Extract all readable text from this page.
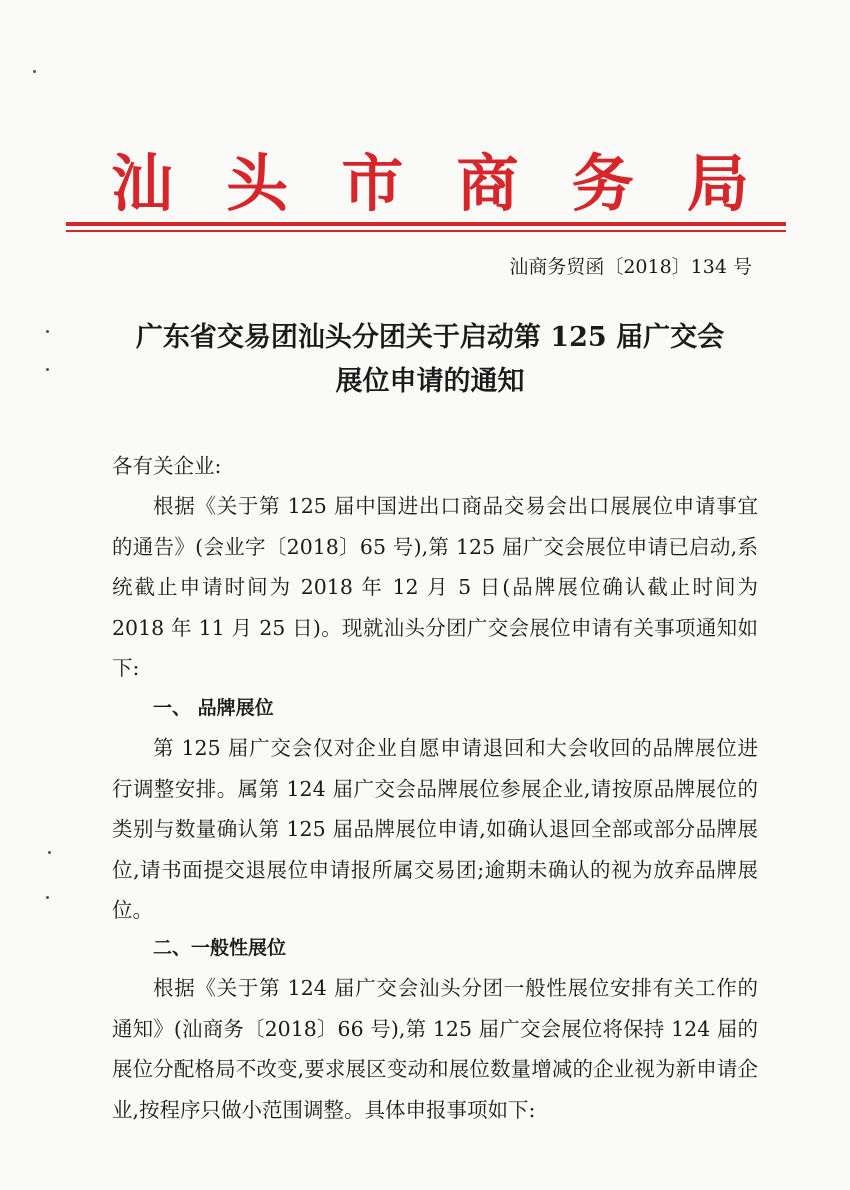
汕 头 市 商 务 局
汕商务贸函〔2018〕134 号
广东省交易团汕头分团关于启动第 125 届广交会
展位申请的通知
各有关企业:
根据《关于第 125 届中国进出口商品交易会出口展展位申请事宜的通告》(会业字〔2018〕65 号),第 125 届广交会展位申请已启动,系统截止申请时间为 2018 年 12 月 5 日(品牌展位确认截止时间为 2018 年 11 月 25 日)。现就汕头分团广交会展位申请有关事项通知如下:
一、 品牌展位
第 125 届广交会仅对企业自愿申请退回和大会收回的品牌展位进行调整安排。属第 124 届广交会品牌展位参展企业,请按原品牌展位的类别与数量确认第 125 届品牌展位申请,如确认退回全部或部分品牌展位,请书面提交退展位申请报所属交易团;逾期未确认的视为放弃品牌展位。
二、一般性展位
根据《关于第 124 届广交会汕头分团一般性展位安排有关工作的通知》(汕商务〔2018〕66 号),第 125 届广交会展位将保持 124 届的展位分配格局不改变,要求展区变动和展位数量增减的企业视为新申请企业,按程序只做小范围调整。具体申报事项如下:
